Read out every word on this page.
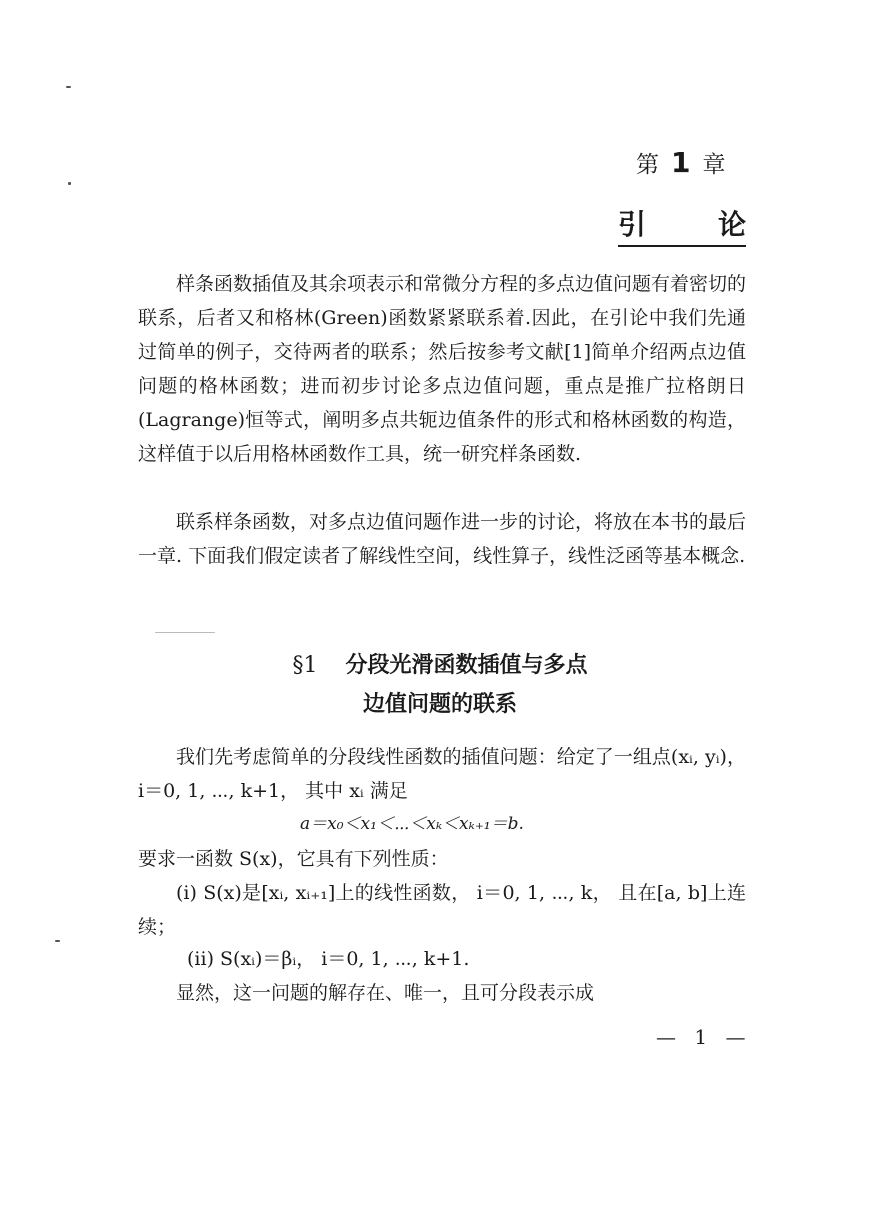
第 1 章
引	论

样条函数插值及其余项表示和常微分方程的多点边值问题有着密切的联系，后者又和格林(Green)函数紧紧联系着.因此，在引论中我们先通过简单的例子，交待两者的联系；然后按参考文献[1]简单介绍两点边值问题的格林函数；进而初步讨论多点边值问题，重点是推广拉格朗日(Lagrange)恒等式，阐明多点共轭边值条件的形式和格林函数的构造，这样值于以后用格林函数作工具，统一研究样条函数.

联系样条函数，对多点边值问题作进一步的讨论，将放在本书的最后一章. 下面我们假定读者了解线性空间，线性算子，线性泛函等基本概念.

§1 分段光滑函数插值与多点
边值问题的联系

我们先考虑简单的分段线性函数的插值问题：给定了一组点(xᵢ, yᵢ)， i＝0, 1, ⋯, k+1， 其中 xᵢ 满足

a＝x₀＜x₁＜⋯＜xₖ＜xₖ₊₁＝b.

要求一函数 S(x)，它具有下列性质：

(i) S(x)是[xᵢ, xᵢ₊₁]上的线性函数， i＝0, 1, ⋯, k， 且在[a, b]上连续；

(ii) S(xᵢ)＝βᵢ， i＝0, 1, ⋯, k+1.

显然，这一问题的解存在、唯一，且可分段表示成

— 1 —
